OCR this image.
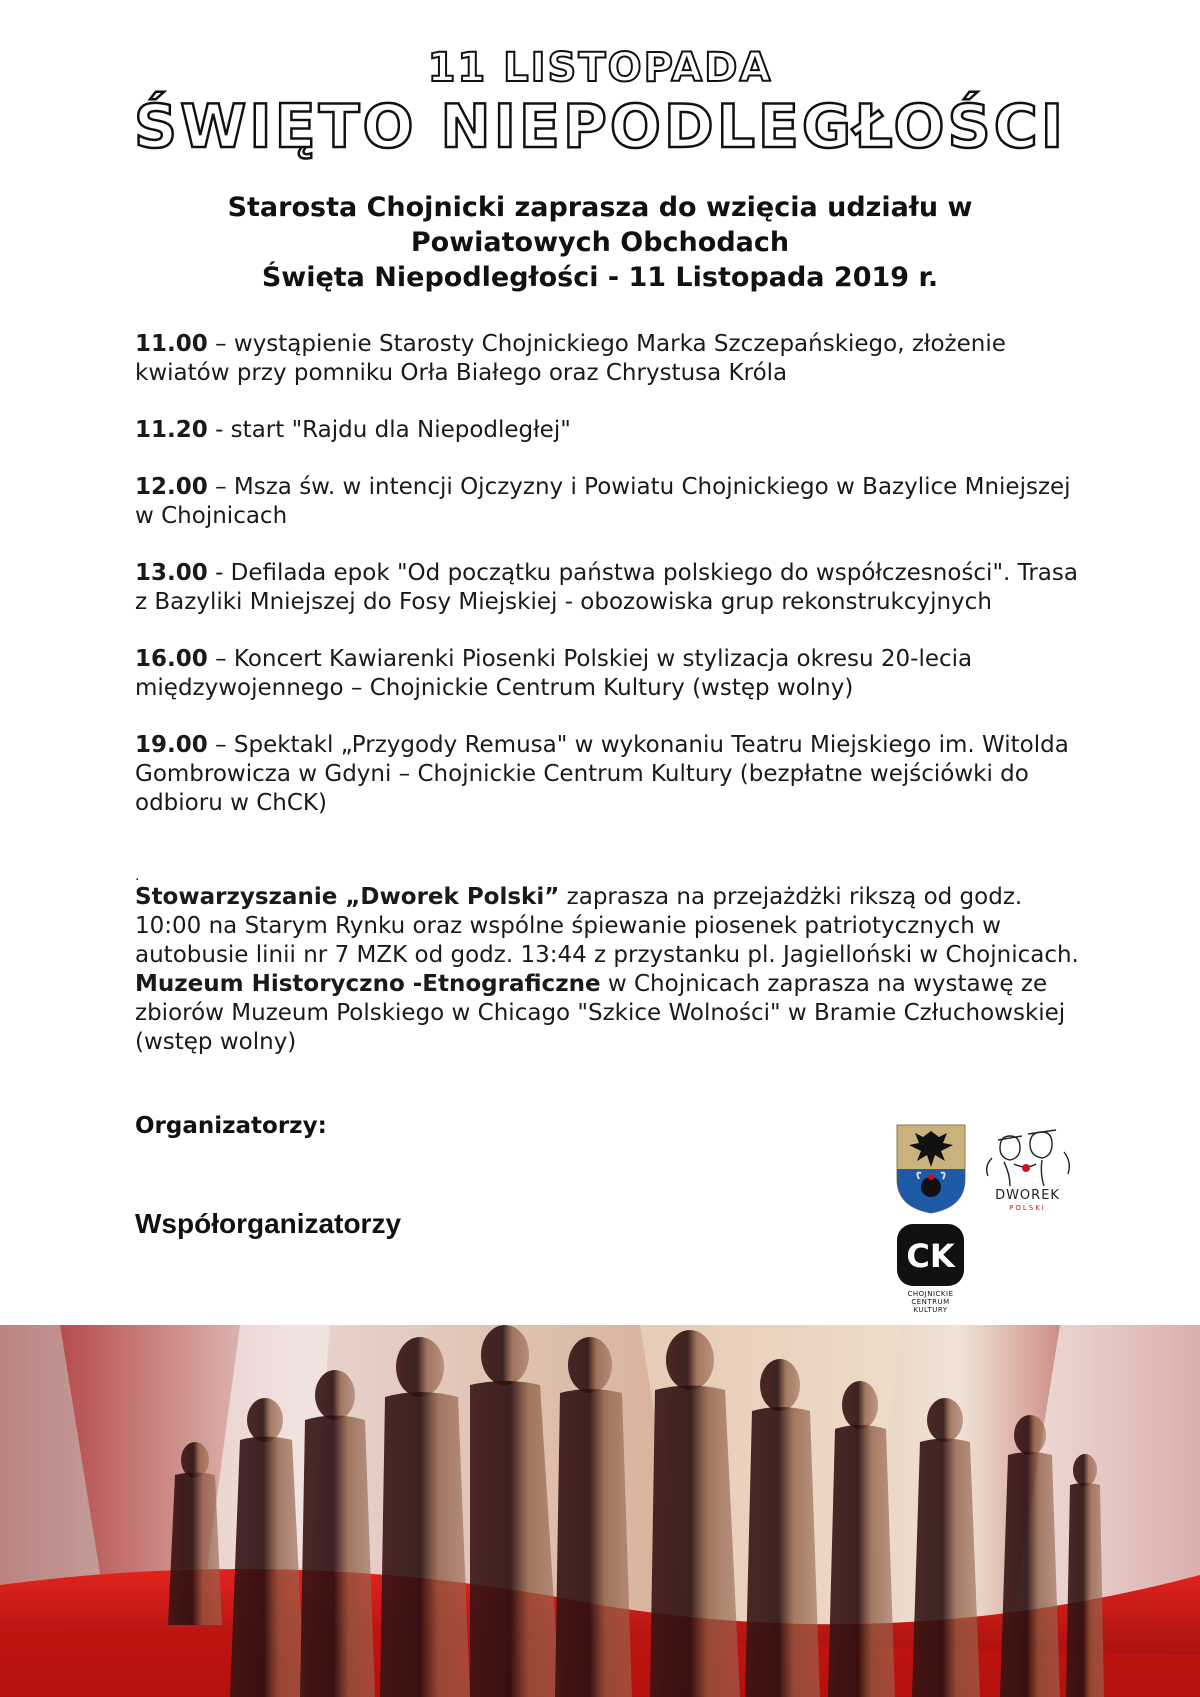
11 LISTOPADA
ŚWIĘTO NIEPODLEGŁOŚCI
Starosta Chojnicki zaprasza do wzięcia udziału w
Powiatowych Obchodach
Święta Niepodległości - 11 Listopada 2019 r.
11.00 – wystąpienie Starosty Chojnickiego Marka Szczepańskiego, złożenie kwiatów przy pomniku Orła Białego oraz Chrystusa Króla
11.20 - start "Rajdu dla Niepodległej"
12.00 – Msza św. w intencji Ojczyzny i Powiatu Chojnickiego w Bazylice Mniejszej w Chojnicach
13.00 - Defilada epok "Od początku państwa polskiego do współczesności". Trasa z Bazyliki Mniejszej do Fosy Miejskiej - obozowiska grup rekonstrukcyjnych
16.00 – Koncert Kawiarenki Piosenki Polskiej w stylizacja okresu 20-lecia międzywojennego – Chojnickie Centrum Kultury (wstęp wolny)
19.00 – Spektakl „Przygody Remusa" w wykonaniu Teatru Miejskiego im. Witolda Gombrowicza w Gdyni – Chojnickie Centrum Kultury (bezpłatne wejściówki do odbioru w ChCK)
.
Stowarzyszanie „Dworek Polski” zaprasza na przejażdżki rikszą od godz. 10:00 na Starym Rynku oraz wspólne śpiewanie piosenek patriotycznych w autobusie linii nr 7 MZK od godz. 13:44 z przystanku pl. Jagielloński w Chojnicach.
Muzeum Historyczno -Etnograficzne w Chojnicach zaprasza na wystawę ze zbiorów Muzeum Polskiego w Chicago "Szkice Wolności" w Bramie Człuchowskiej (wstęp wolny)
Organizatorzy:
Współorganizatorzy
DWOREK
POLSKI
CK
CHOJNICKIE
CENTRUM
KULTURY
